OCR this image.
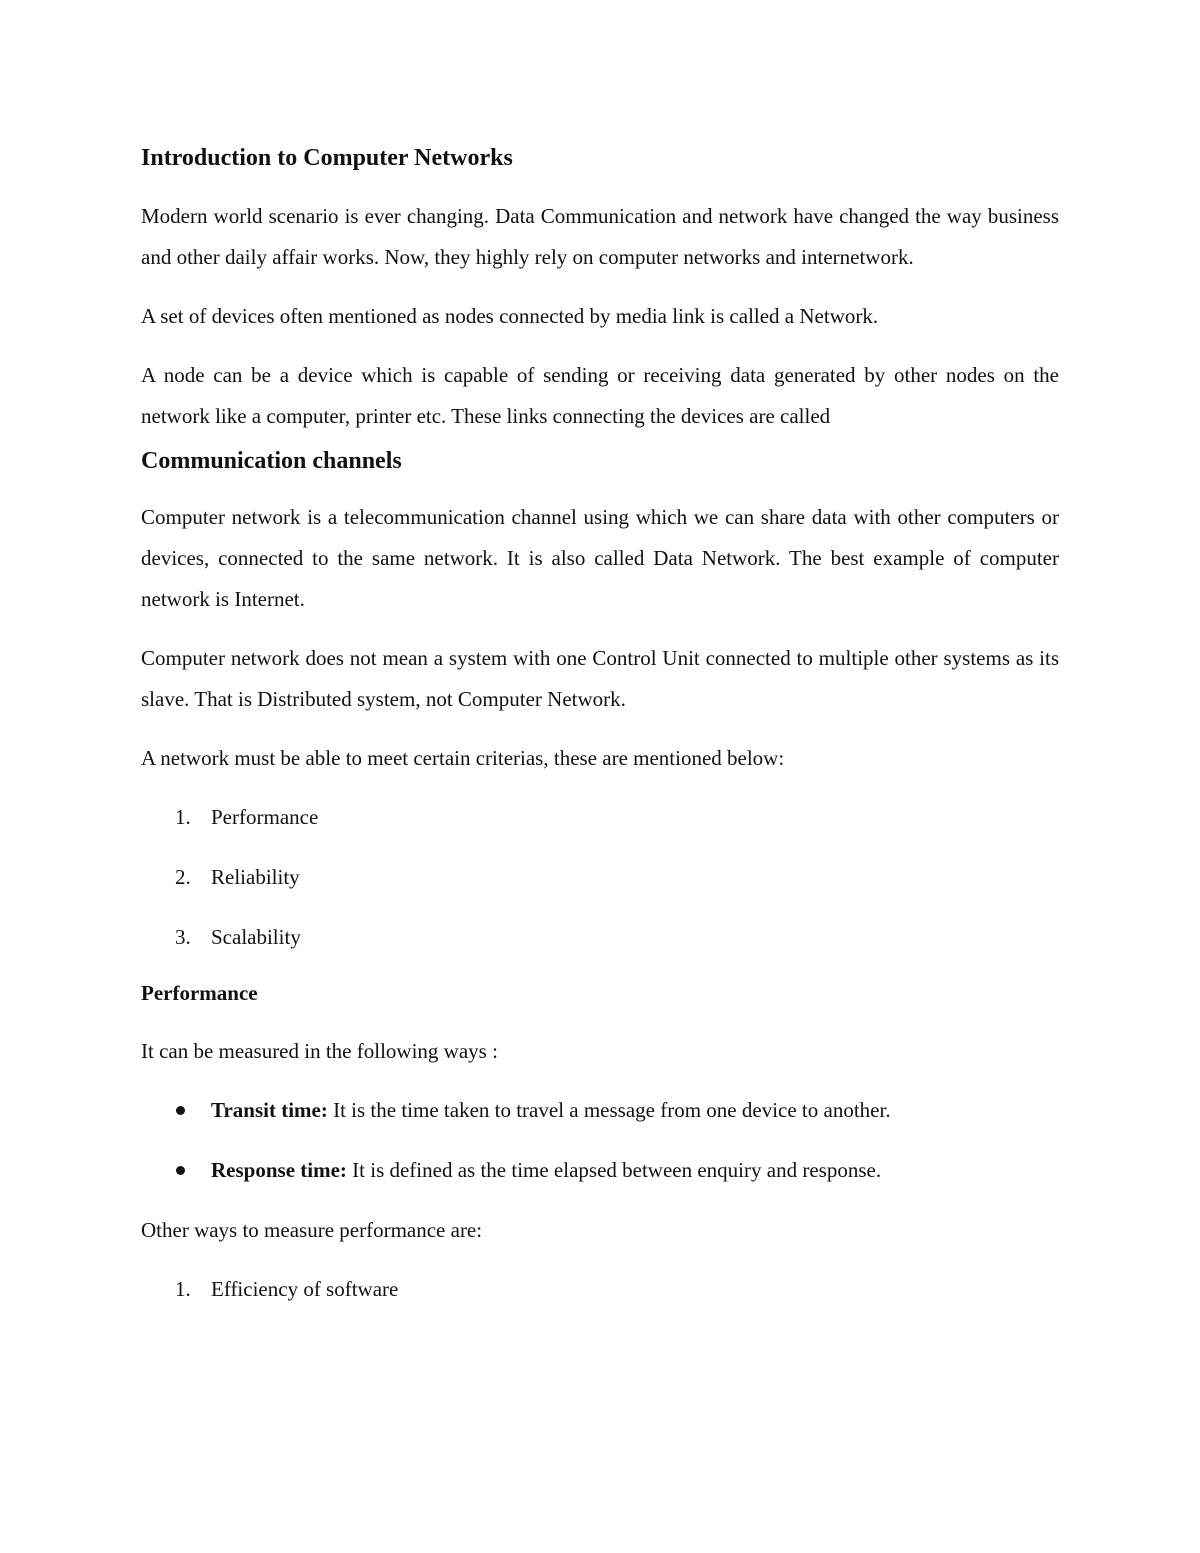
Introduction to Computer Networks

Modern world scenario is ever changing. Data Communication and network have changed the way business and other daily affair works. Now, they highly rely on computer networks and internetwork.

A set of devices often mentioned as nodes connected by media link is called a Network.

A node can be a device which is capable of sending or receiving data generated by other nodes on the network like a computer, printer etc. These links connecting the devices are called

Communication channels

Computer network is a telecommunication channel using which we can share data with other computers or devices, connected to the same network. It is also called Data Network. The best example of computer network is Internet.

Computer network does not mean a system with one Control Unit connected to multiple other systems as its slave. That is Distributed system, not Computer Network.

A network must be able to meet certain criterias, these are mentioned below:

1. Performance
2. Reliability
3. Scalability
Performance

It can be measured in the following ways :

Transit time: It is the time taken to travel a message from one device to another.
Response time: It is defined as the time elapsed between enquiry and response.

Other ways to measure performance are:

1. Efficiency of software
